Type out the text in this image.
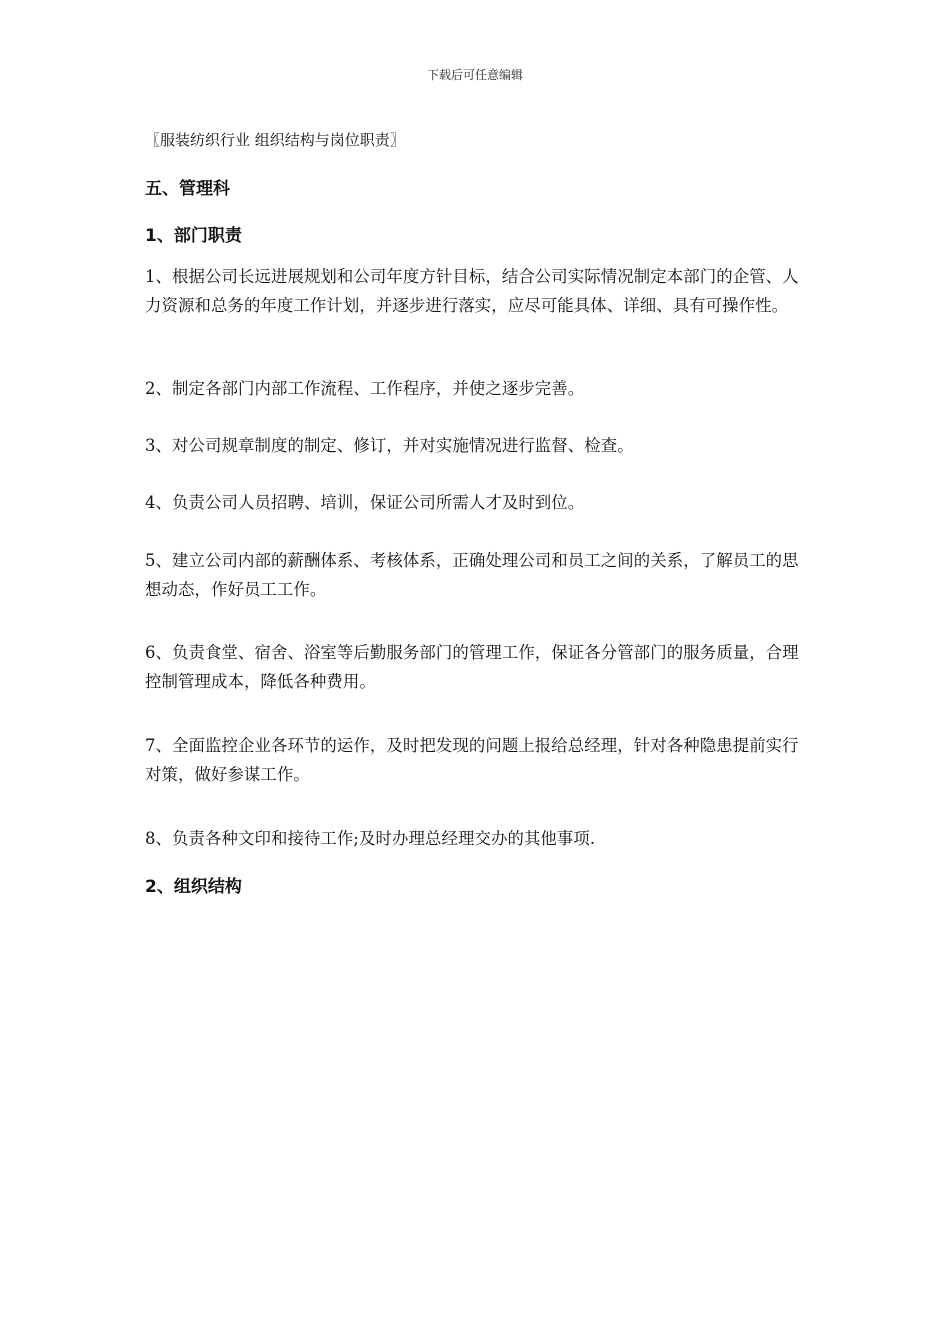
下载后可任意编辑
〖服装纺织行业 组织结构与岗位职责〗
五、管理科
1、部门职责
1、根据公司长远进展规划和公司年度方针目标，结合公司实际情况制定本部门的企管、人力资源和总务的年度工作计划，并逐步进行落实，应尽可能具体、详细、具有可操作性。
2、制定各部门内部工作流程、工作程序，并使之逐步完善。
3、对公司规章制度的制定、修订，并对实施情况进行监督、检查。
4、负责公司人员招聘、培训，保证公司所需人才及时到位。
5、建立公司内部的薪酬体系、考核体系，正确处理公司和员工之间的关系，了解员工的思想动态，作好员工工作。
6、负责食堂、宿舍、浴室等后勤服务部门的管理工作，保证各分管部门的服务质量，合理控制管理成本，降低各种费用。
7、全面监控企业各环节的运作，及时把发现的问题上报给总经理，针对各种隐患提前实行对策，做好参谋工作。
8、负责各种文印和接待工作;及时办理总经理交办的其他事项.
2、组织结构
